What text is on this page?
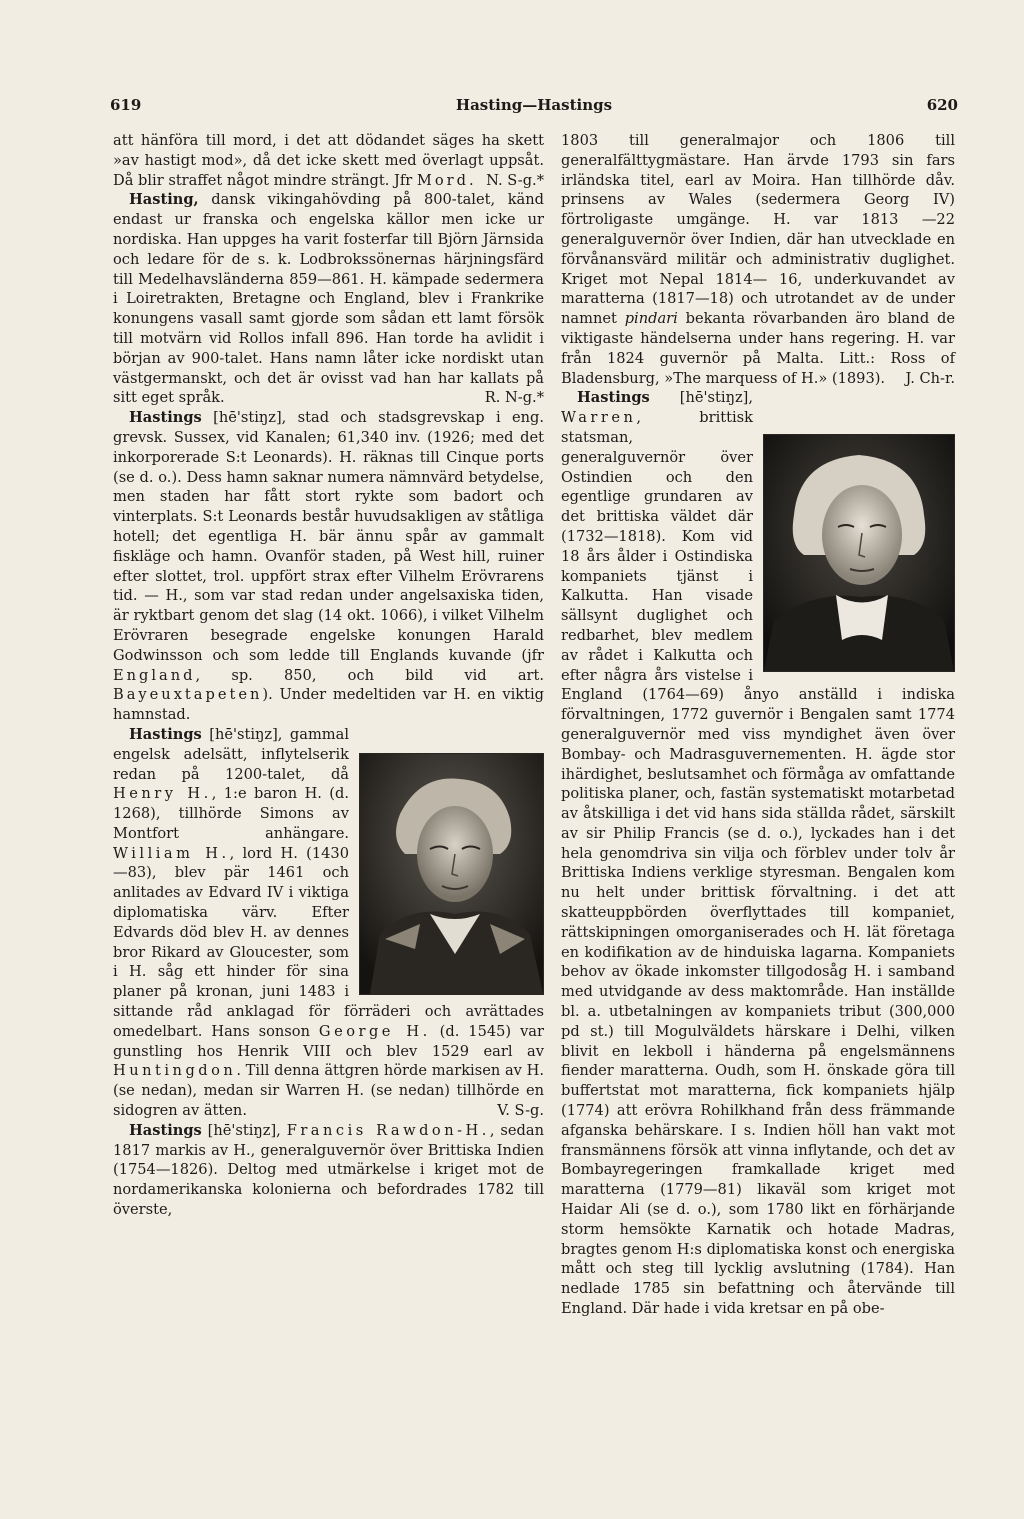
619	Hasting—Hastings	620

att hänföra till mord, i det att dödandet säges ha skett »av hastigt mod», då det icke skett med överlagt uppsåt. Då blir straffet något mindre strängt. Jfr Mord. N. S-g.*

Hasting, dansk vikingahövding på 800-talet, känd endast ur franska och engelska källor men icke ur nordiska. Han uppges ha varit fosterfar till Björn Järnsida och ledare för de s. k. Lodbrokssönernas härjningsfärd till Medelhavsländerna 859—861. H. kämpade sedermera i Loiretrakten, Bretagne och England, blev i Frankrike konungens vasall samt gjorde som sådan ett lamt försök till motvärn vid Rollos infall 896. Han torde ha avlidit i början av 900-talet. Hans namn låter icke nordiskt utan västgermanskt, och det är ovisst vad han har kallats på sitt eget språk.	R. N-g.*

Hastings [hē'stiŋz], stad och stadsgrevskap i eng. grevsk. Sussex, vid Kanalen; 61,340 inv. (1926; med det inkorporerade S:t Leonards). H. räknas till Cinque ports (se d. o.). Dess hamn saknar numera nämnvärd betydelse, men staden har fått stort rykte som badort och vinterplats. S:t Leonards består huvudsakligen av ståtliga hotell; det egentliga H. bär ännu spår av gammalt fiskläge och hamn. Ovanför staden, på West hill, ruiner efter slottet, trol. uppfört strax efter Vilhelm Erövrarens tid. — H., som var stad redan under angelsaxiska tiden, är ryktbart genom det slag (14 okt. 1066), i vilket Vilhelm Erövraren besegrade engelske konungen Harald Godwinsson och som ledde till Englands kuvande (jfr England, sp. 850, och bild vid art. Bayeuxtapeten). Under medeltiden var H. en viktig hamnstad.

Hastings [hē'stiŋz], gammal engelsk adelsätt, inflytelserik redan på 1200-talet, då Henry H., 1:e baron H. (d. 1268), tillhörde Simons av Montfort anhängare. William H., lord H. (1430—83), blev pär 1461 och anlitades av Edvard IV i viktiga diplomatiska värv. Efter Edvards död blev H. av dennes bror Rikard av Gloucester, som i H. såg ett hinder för sina planer på kronan, juni 1483 i sittande råd anklagad för förräderi och avrättades omedelbart. Hans sonson George H. (d. 1545) var gunstling hos Henrik VIII och blev 1529 earl av Huntingdon. Till denna ättgren hörde markisen av H. (se nedan), medan sir Warren H. (se nedan) tillhörde en sidogren av ätten.	V. S-g.

Hastings [hē'stiŋz], Francis Rawdon-H., sedan 1817 markis av H., generalguvernör över Brittiska Indien (1754—1826). Deltog med utmärkelse i kriget mot de nordamerikanska kolonierna och befordrades 1782 till överste,

1803 till generalmajor och 1806 till generalfälttygmästare. Han ärvde 1793 sin fars irländska titel, earl av Moira. Han tillhörde dåv. prinsens av Wales (sedermera Georg IV) förtroligaste umgänge. H. var 1813 —22 generalguvernör över Indien, där han utvecklade en förvånansvärd militär och administrativ duglighet. Kriget mot Nepal 1814— 16, underkuvandet av maratterna (1817—18) och utrotandet av de under namnet pindari bekanta rövarbanden äro bland de viktigaste händelserna under hans regering. H. var från 1824 guvernör på Malta. Litt.: Ross of Bladensburg, »The marquess of H.» (1893).	J. Ch-r.

Hastings [hē'stiŋz], Warren, brittisk statsman, generalguvernör över Ostindien och den egentlige grundaren av det brittiska väldet där (1732—1818). Kom vid 18 års ålder i Ostindiska kompaniets tjänst i Kalkutta. Han visade sällsynt duglighet och redbarhet, blev medlem av rådet i Kalkutta och efter några års vistelse i England (1764—69) ånyo anställd i indiska förvaltningen, 1772 guvernör i Bengalen samt 1774 generalguvernör med viss myndighet även över Bombay- och Madrasguvernementen. H. ägde stor ihärdighet, beslutsamhet och förmåga av omfattande politiska planer, och, fastän systematiskt motarbetad av åtskilliga i det vid hans sida ställda rådet, särskilt av sir Philip Francis (se d. o.), lyckades han i det hela genomdriva sin vilja och förblev under tolv år Brittiska Indiens verklige styresman. Bengalen kom nu helt under brittisk förvaltning. i det att skatteuppbörden överflyttades till kompaniet, rättskipningen omorganiserades och H. lät företaga en kodifikation av de hinduiska lagarna. Kompaniets behov av ökade inkomster tillgodosåg H. i samband med utvidgande av dess maktområde. Han inställde bl. a. utbetalningen av kompaniets tribut (300,000 pd st.) till Mogulväldets härskare i Delhi, vilken blivit en lekboll i händerna på engelsmännens fiender maratterna. Oudh, som H. önskade göra till buffertstat mot maratterna, fick kompaniets hjälp (1774) att erövra Rohilkhand från dess främmande afganska behärskare. I s. Indien höll han vakt mot fransmännens försök att vinna inflytande, och det av Bombayregeringen framkallade kriget med maratterna (1779—81) likaväl som kriget mot Haidar Ali (se d. o.), som 1780 likt en förhärjande storm hemsökte Karnatik och hotade Madras, bragtes genom H:s diplomatiska konst och energiska mått och steg till lycklig avslutning (1784). Han nedlade 1785 sin befattning och återvände till England. Där hade i vida kretsar en på obe-
